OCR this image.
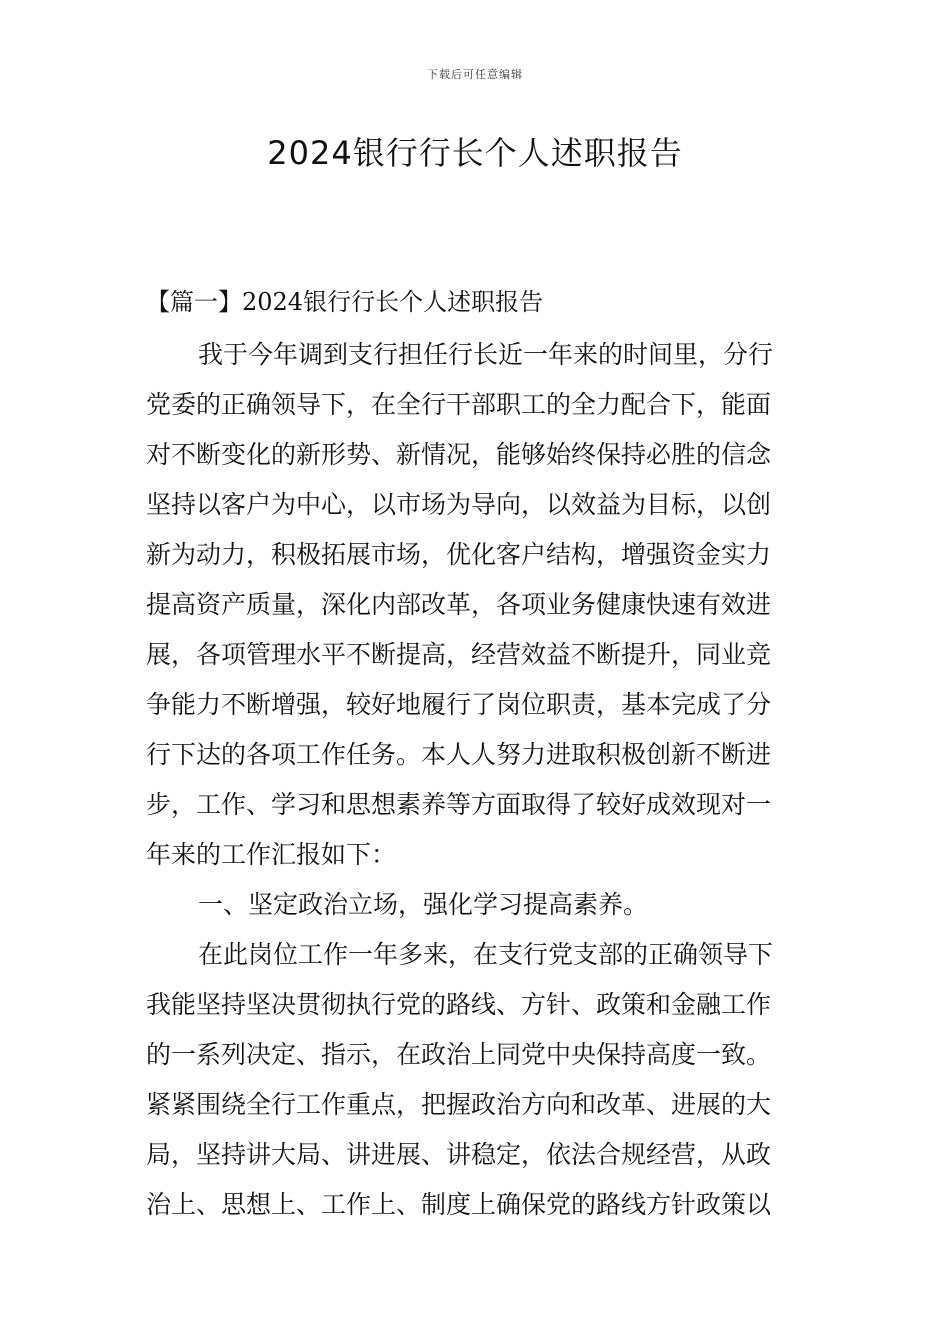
下载后可任意编辑
2024银行行长个人述职报告
【篇一】2024银行行长个人述职报告
我于今年调到支行担任行长近一年来的时间里，分行
党委的正确领导下，在全行干部职工的全力配合下，能面
对不断变化的新形势、新情况，能够始终保持必胜的信念
坚持以客户为中心，以市场为导向，以效益为目标，以创
新为动力，积极拓展市场，优化客户结构，增强资金实力
提高资产质量，深化内部改革，各项业务健康快速有效进
展，各项管理水平不断提高，经营效益不断提升，同业竞
争能力不断增强，较好地履行了岗位职责，基本完成了分
行下达的各项工作任务。本人人努力进取积极创新不断进
步，工作、学习和思想素养等方面取得了较好成效现对一
年来的工作汇报如下：
一、坚定政治立场，强化学习提高素养。
在此岗位工作一年多来，在支行党支部的正确领导下
我能坚持坚决贯彻执行党的路线、方针、政策和金融工作
的一系列决定、指示，在政治上同党中央保持高度一致。
紧紧围绕全行工作重点，把握政治方向和改革、进展的大
局，坚持讲大局、讲进展、讲稳定，依法合规经营，从政
治上、思想上、工作上、制度上确保党的路线方针政策以
